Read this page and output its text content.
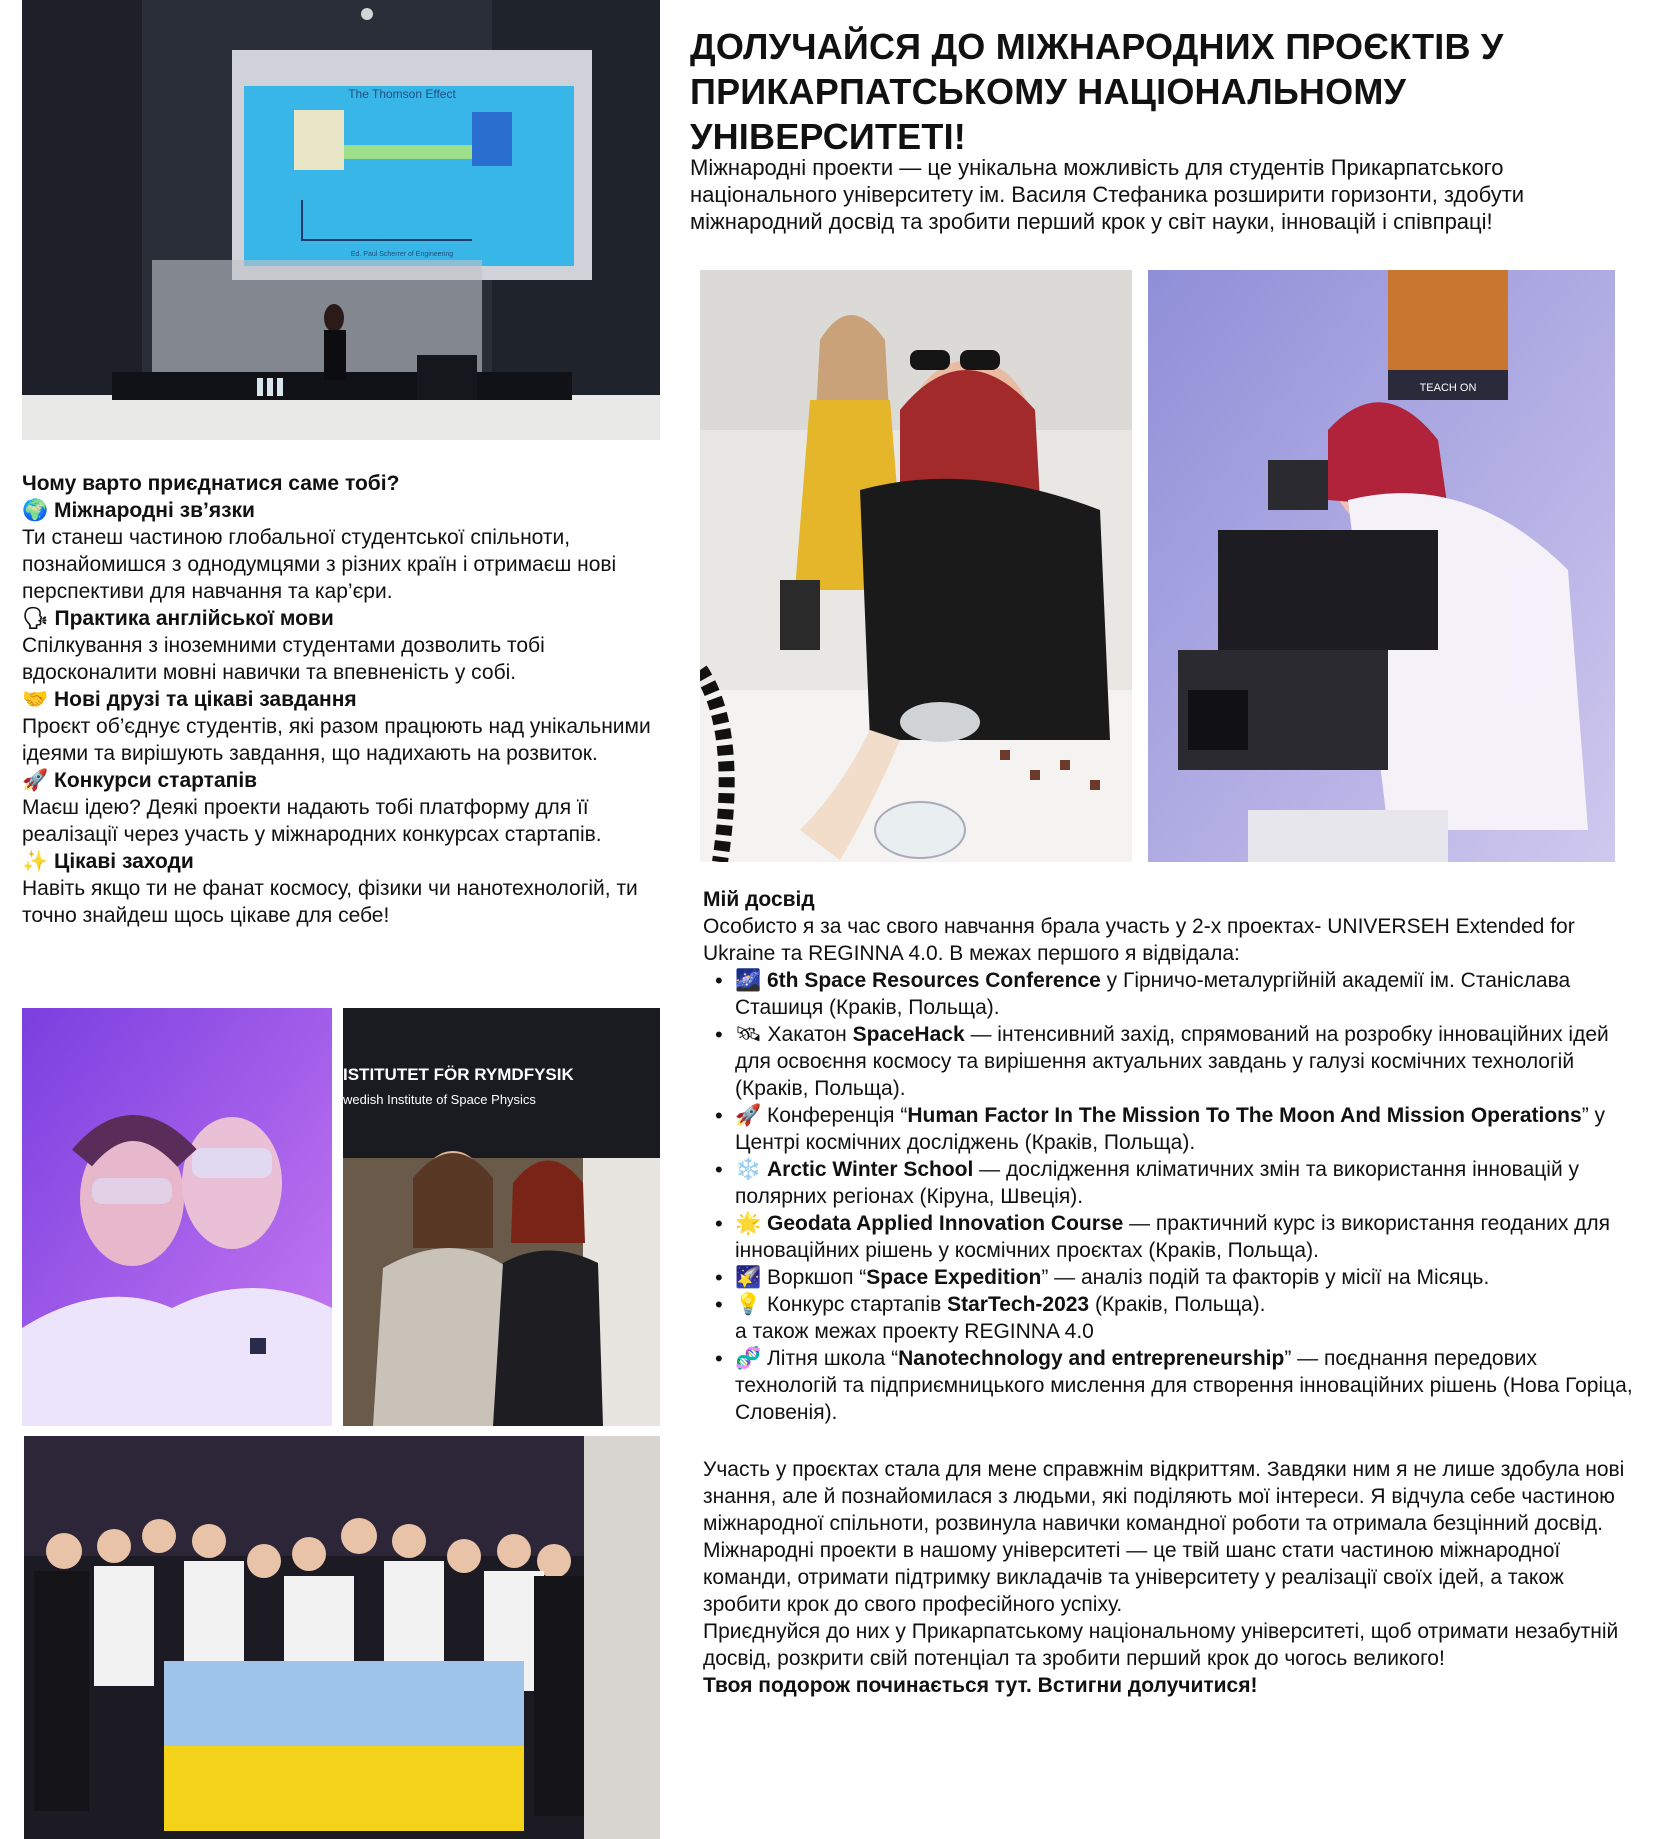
The Thomson Effect
Ed. Paul Scherrer of Engineering

Чому варто приєднатися саме тобі?

🌍 Міжнародні зв’язки

Ти станеш частиною глобальної студентської спільноти, познайомишся з однодумцями з різних країн і отримаєш нові перспективи для навчання та кар’єри.

🗣 Практика англійської мови

Спілкування з іноземними студентами дозволить тобі вдосконалити мовні навички та впевненість у собі.

🤝 Нові друзі та цікаві завдання

Проєкт об’єднує студентів, які разом працюють над унікальними ідеями та вирішують завдання, що надихають на розвиток.

🚀 Конкурси стартапів

Маєш ідею? Деякі проекти надають тобі платформу для її реалізації через участь у міжнародних конкурсах стартапів.

✨ Цікаві заходи

Навіть якщо ти не фанат космосу, фізики чи нанотехнологій, ти точно знайдеш щось цікаве для себе!

ISTITUTET FÖR RYMDFYSIK
wedish Institute of Space Physics
ДОЛУЧАЙСЯ ДО МІЖНАРОДНИХ ПРОЄКТІВ У ПРИКАРПАТСЬКОМУ НАЦІОНАЛЬНОМУ УНІВЕРСИТЕТІ!

Міжнародні проекти — це унікальна можливість для студентів Прикарпатського національного університету ім. Василя Стефаника розширити горизонти, здобути міжнародний досвід та зробити перший крок у світ науки, інновацій і співпраці!

TEACH ON
Мій досвід
Особисто я за час свого навчання брала участь у 2-х проектах- UNIVERSEH Extended for Ukraine та REGINNA 4.0. В межах першого я відвідала:
• 🌌 6th Space Resources Conference у Гірничо-металургійній академії ім. Станіслава Сташиця (Краків, Польща).
• 🛰 Хакатон SpaceHack — інтенсивний захід, спрямований на розробку інноваційних ідей для освоєння космосу та вирішення актуальних завдань у галузі космічних технологій (Краків, Польща).
• 🚀 Конференція “Human Factor In The Mission To The Moon And Mission Operations” у Центрі космічних досліджень (Краків, Польща).
• ❄️ Arctic Winter School — дослідження кліматичних змін та використання інновацій у полярних регіонах (Кіруна, Швеція).
• 🌟 Geodata Applied Innovation Course — практичний курс із використання геоданих для інноваційних рішень у космічних проєктах (Краків, Польща).
• 🌠 Воркшоп “Space Expedition” — аналіз подій та факторів у місії на Місяць.
• 💡 Конкурс стартапів StarTech-2023 (Краків, Польща).
а також межах проекту REGINNA 4.0
• 🧬 Літня школа “Nanotechnology and entrepreneurship” — поєднання передових технологій та підприємницького мислення для створення інноваційних рішень (Нова Горіца, Словенія).

Участь у проєктах стала для мене справжнім відкриттям. Завдяки ним я не лише здобула нові знання, але й познайомилася з людьми, які поділяють мої інтереси. Я відчула себе частиною міжнародної спільноти, розвинула навички командної роботи та отримала безцінний досвід.

Міжнародні проекти в нашому університеті — це твій шанс стати частиною міжнародної команди, отримати підтримку викладачів та університету у реалізації своїх ідей, а також зробити крок до свого професійного успіху.

Приєднуйся до них у Прикарпатському національному університеті, щоб отримати незабутній досвід, розкрити свій потенціал та зробити перший крок до чогось великого!

Твоя подорож починається тут. Встигни долучитися!
